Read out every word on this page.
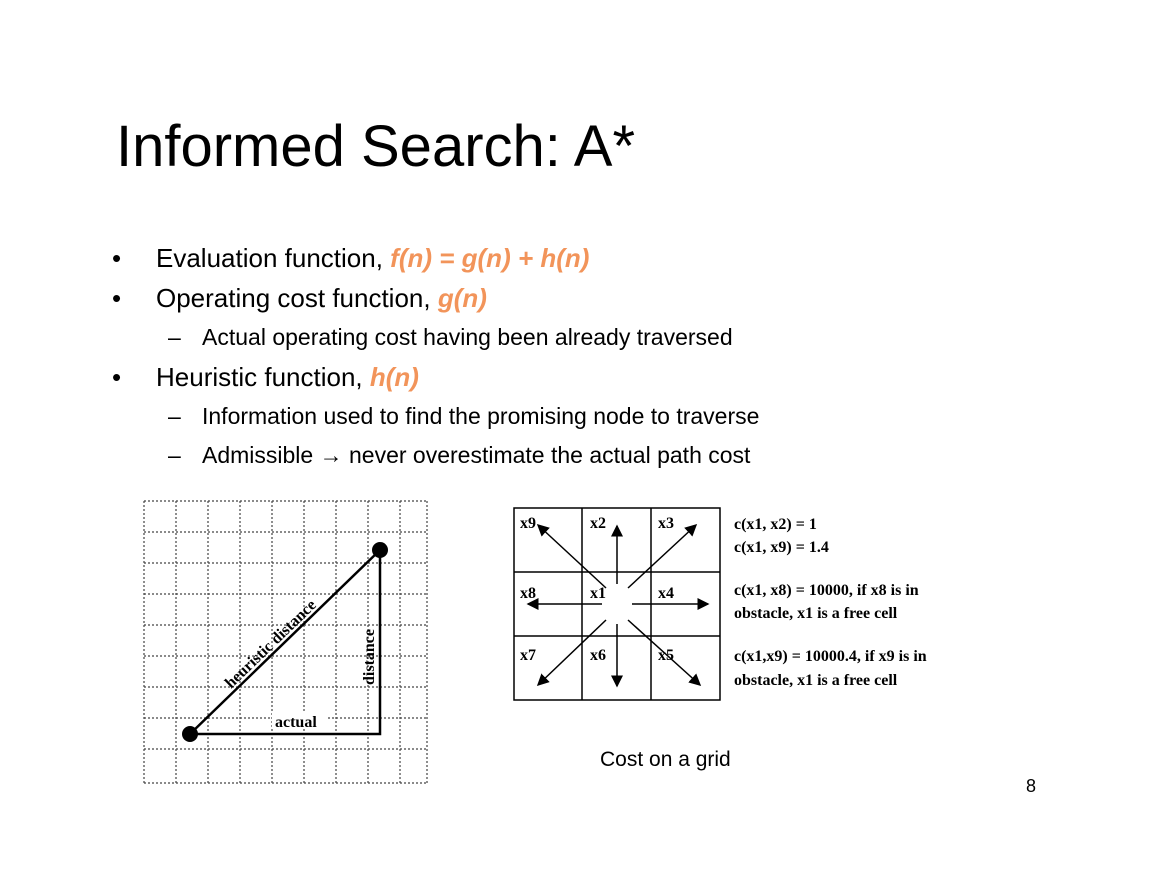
Informed Search: A*
• Evaluation function, f(n) = g(n) + h(n)
• Operating cost function, g(n)
– Actual operating cost having been already traversed
• Heuristic function, h(n)
– Information used to find the promising node to traverse
– Admissible → never overestimate the actual path cost
actual
distance
heuristic distance
x9	x2	x3
x8	x1	x4
x7	x6	x5
c(x1, x2) = 1
c(x1, x9) = 1.4
c(x1, x8) = 10000, if x8 is in
obstacle, x1 is a free cell
c(x1,x9) = 10000.4, if x9 is in
obstacle, x1 is a free cell
Cost on a grid
8
